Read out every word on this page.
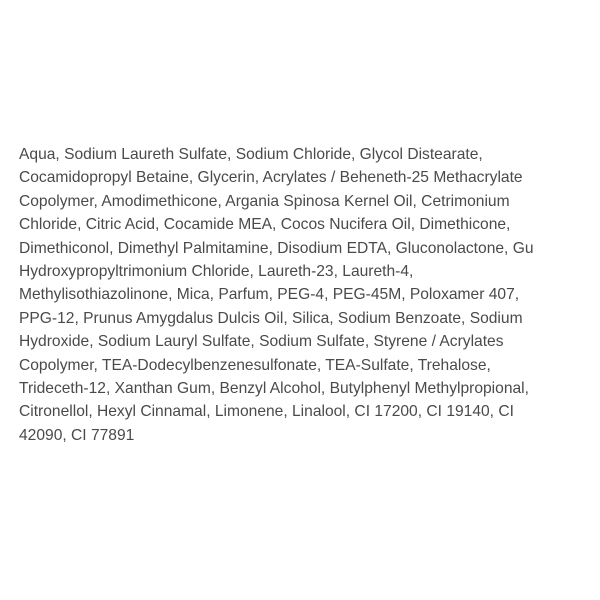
Aqua, Sodium Laureth Sulfate, Sodium Chloride, Glycol Distearate,
Cocamidopropyl Betaine, Glycerin, Acrylates / Beheneth-25 Methacrylate
Copolymer, Amodimethicone, Argania Spinosa Kernel Oil, Cetrimonium
Chloride, Citric Acid, Cocamide MEA, Cocos Nucifera Oil, Dimethicone,
Dimethiconol, Dimethyl Palmitamine, Disodium EDTA, Gluconolactone, Gu
Hydroxypropyltrimonium Chloride, Laureth-23, Laureth-4,
Methylisothiazolinone, Mica, Parfum, PEG-4, PEG-45M, Poloxamer 407,
PPG-12, Prunus Amygdalus Dulcis Oil, Silica, Sodium Benzoate, Sodium
Hydroxide, Sodium Lauryl Sulfate, Sodium Sulfate, Styrene / Acrylates
Copolymer, TEA-Dodecylbenzenesulfonate, TEA-Sulfate, Trehalose,
Trideceth-12, Xanthan Gum, Benzyl Alcohol, Butylphenyl Methylpropional,
Citronellol, Hexyl Cinnamal, Limonene, Linalool, CI 17200, CI 19140, CI
42090, CI 77891
